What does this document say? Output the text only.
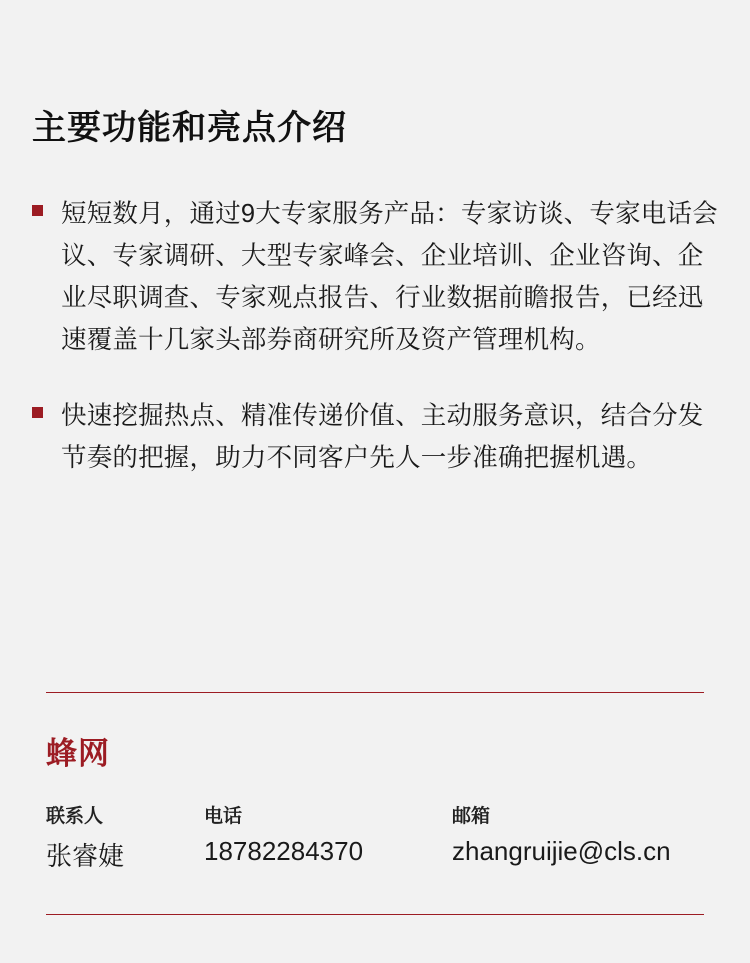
主要功能和亮点介绍
短短数月，通过9大专家服务产品：专家访谈、专家电话会议、专家调研、大型专家峰会、企业培训、企业咨询、企业尽职调查、专家观点报告、行业数据前瞻报告，已经迅速覆盖十几家头部券商研究所及资产管理机构。
快速挖掘热点、精准传递价值、主动服务意识，结合分发节奏的把握，助力不同客户先人一步准确把握机遇。
蜂网
联系人
张睿婕
电话
18782284370
邮箱
zhangruijie@cls.cn
